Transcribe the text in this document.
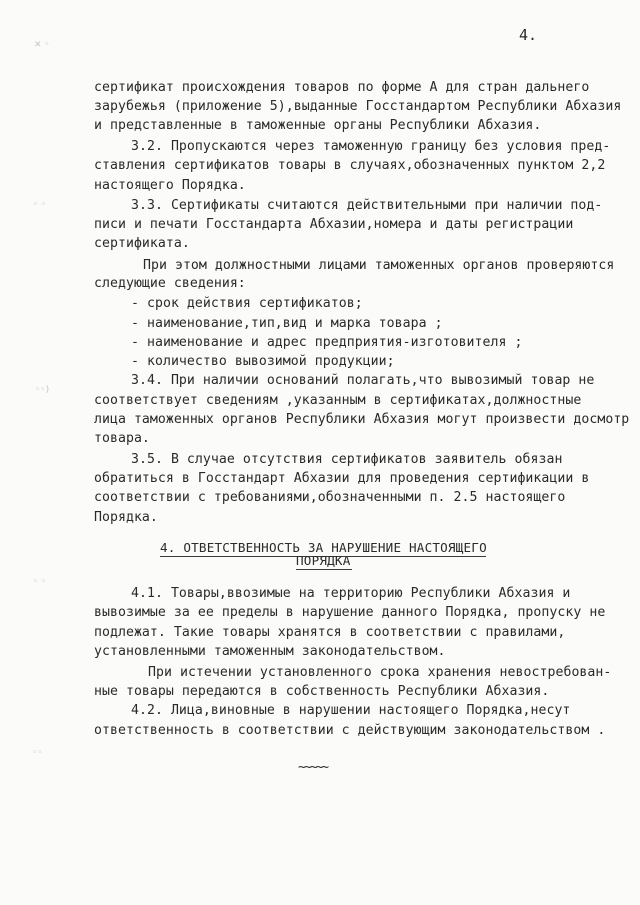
4.
сертификат происхождения товаров по форме А для стран дальнего
зарубежья (приложение 5),выданные Госстандартом Республики Абхазия
и представленные в таможенные органы Республики Абхазия.
3.2. Пропускаются через таможенную границу без условия пред-
ставления сертификатов товары в случаях,обозначенных пунктом 2,2
настоящего Порядка.
3.3. Сертификаты считаются действительными при наличии под-
писи и печати Госстандарта Абхазии,номера и даты регистрации
сертификата.
При этом должностными лицами таможенных органов проверяются
следующие сведения:
- срок действия сертификатов;
- наименование,тип,вид и марка товара ;
- наименование и адрес предприятия-изготовителя ;
- количество вывозимой продукции;
3.4. При наличии оснований полагать,что вывозимый товар не
соответствует сведениям ,указанным в сертификатах,должностные
лица таможенных органов Республики Абхазия могут произвести досмотр
товара.
3.5. В случае отсутствия сертификатов заявитель обязан
обратиться в Госстандарт Абхазии для проведения сертификации в
соответствии с требованиями,обозначенными п. 2.5 настоящего
Порядка.
4. ОТВЕТСТВЕННОСТЬ ЗА НАРУШЕНИЕ НАСТОЯЩЕГО
ПОРЯДКА
4.1. Товары,ввозимые на территорию Республики Абхазия и
вывозимые за ее пределы в нарушение данного Порядка, пропуску не
подлежат. Такие товары хранятся в соответствии с правилами,
установленными таможенным законодательством.
При истечении установленного срока хранения невостребован-
ные товары передаются в собственность Республики Абхазия.
4.2. Лица,виновные в нарушении настоящего Порядка,несут
ответственность в соответствии с действующим законодательством .
~~~~~
✕ ◦
◦ ◦
◦◦)
◦ ◦
◦◦
